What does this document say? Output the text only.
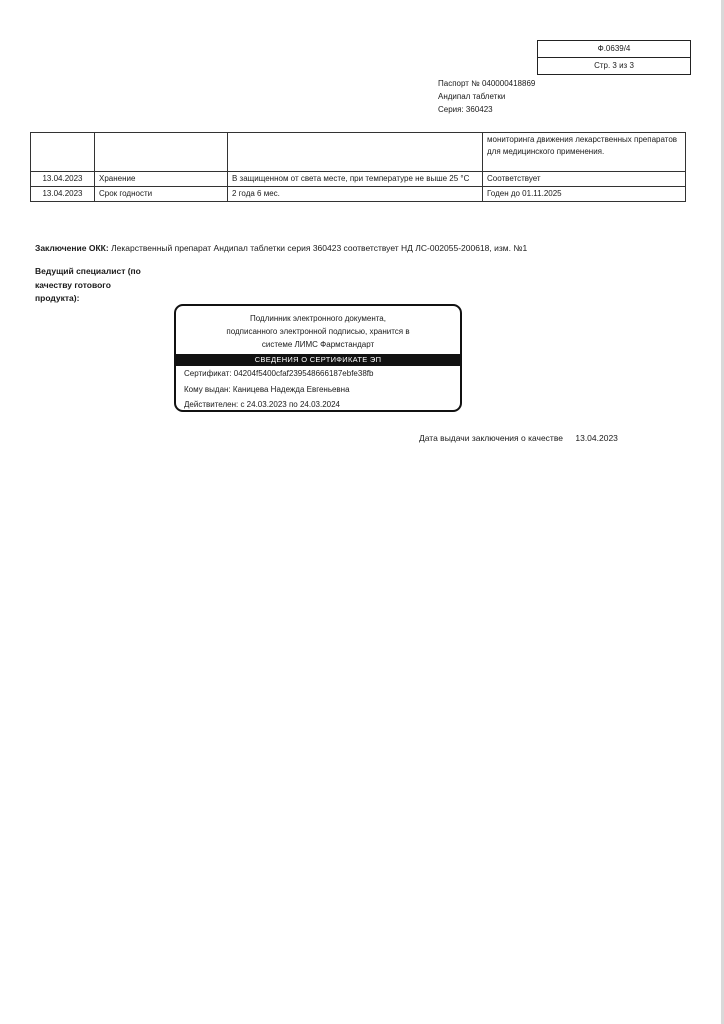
Ф.0639/4
Стр. 3 из 3
Паспорт № 040000418869
Андипал таблетки
Серия: 360423
			мониторинга движения лекарственных препаратов для медицинского применения.
13.04.2023	Хранение	В защищенном от света месте, при температуре не выше 25 °С	Соответствует
13.04.2023	Срок годности	2 года 6 мес.	Годен до 01.11.2025
Заключение ОКК: Лекарственный препарат Андипал таблетки серия 360423 соответствует НД ЛС-002055-200618, изм. №1
Ведущий специалист (по качеству готового продукта):
Подлинник электронного документа,
подписанного электронной подписью, хранится в
системе ЛИМС Фармстандарт
СВЕДЕНИЯ О СЕРТИФИКАТЕ ЭП
Сертификат: 04204f5400cfaf239548666187ebfe38fb
Кому выдан: Каницева Надежда Евгеньевна
Действителен: с 24.03.2023 по 24.03.2024
Дата выдачи заключения о качестве 13.04.2023
